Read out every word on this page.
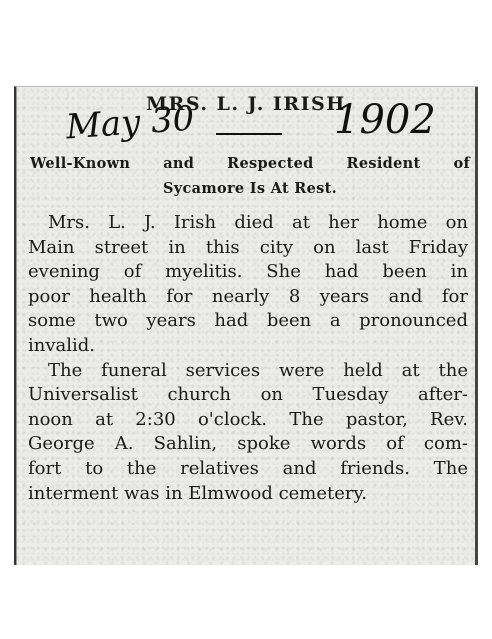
MRS. L. J. IRISH
May 30	1902
Well-Known and Respected Resident of
Sycamore Is At Rest.
Mrs. L. J. Irish died at her home on
Main street in this city on last Friday
evening of myelitis. She had been in
poor health for nearly 8 years and for
some two years had been a pronounced
invalid.
The funeral services were held at the
Universalist church on Tuesday after-
noon at 2:30 o'clock. The pastor, Rev.
George A. Sahlin, spoke words of com-
fort to the relatives and friends. The
interment was in Elmwood cemetery.
